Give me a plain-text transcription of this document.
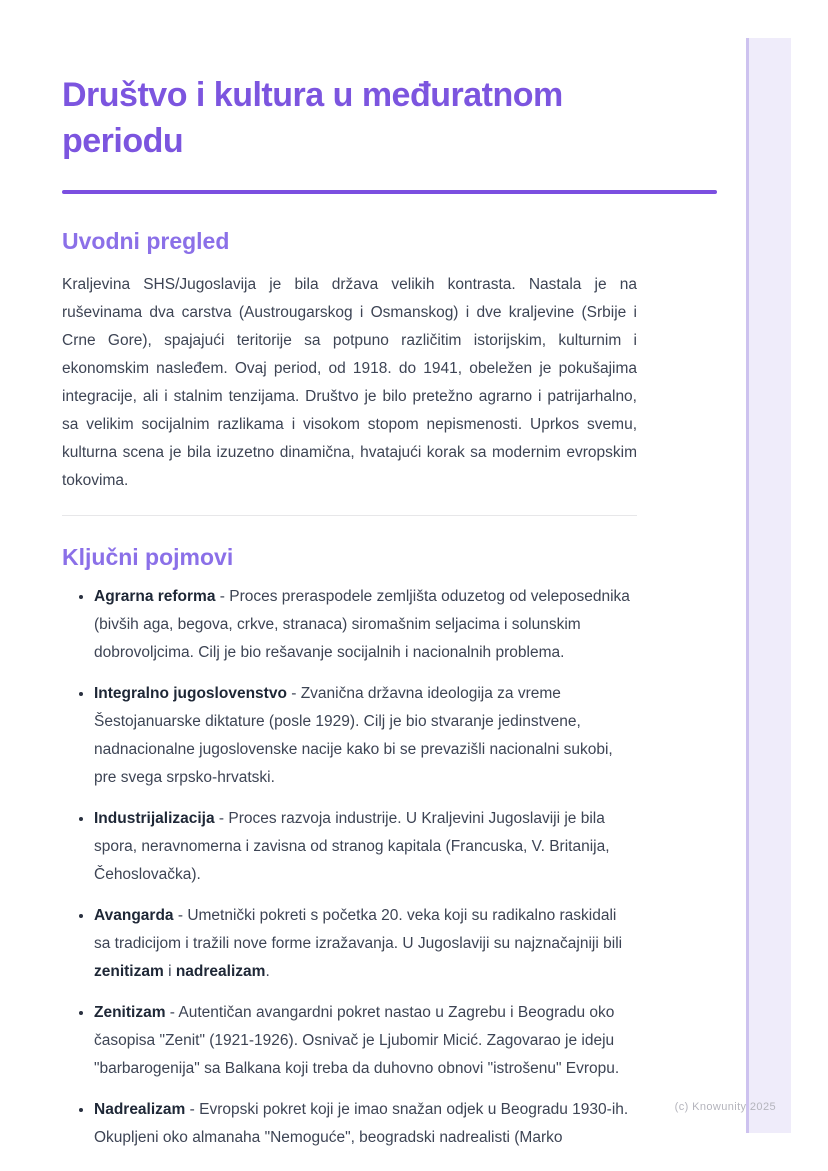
Društvo i kultura u međuratnom periodu
Uvodni pregled

Kraljevina SHS/Jugoslavija je bila država velikih kontrasta. Nastala je na ruševinama dva carstva (Austrougarskog i Osmanskog) i dve kraljevine (Srbije i Crne Gore), spajajući teritorije sa potpuno različitim istorijskim, kulturnim i ekonomskim nasleđem. Ovaj period, od 1918. do 1941, obeležen je pokušajima integracije, ali i stalnim tenzijama. Društvo je bilo pretežno agrarno i patrijarhalno, sa velikim socijalnim razlikama i visokom stopom nepismenosti. Uprkos svemu, kulturna scena je bila izuzetno dinamična, hvatajući korak sa modernim evropskim tokovima.

Ključni pojmovi
• Agrarna reforma - Proces preraspodele zemljišta oduzetog od veleposednika (bivših aga, begova, crkve, stranaca) siromašnim seljacima i solunskim dobrovoljcima. Cilj je bio rešavanje socijalnih i nacionalnih problema.
• Integralno jugoslovenstvo - Zvanična državna ideologija za vreme Šestojanuarske diktature (posle 1929). Cilj je bio stvaranje jedinstvene, nadnacionalne jugoslovenske nacije kako bi se prevazišli nacionalni sukobi, pre svega srpsko-hrvatski.
• Industrijalizacija - Proces razvoja industrije. U Kraljevini Jugoslaviji je bila spora, neravnomerna i zavisna od stranog kapitala (Francuska, V. Britanija, Čehoslovačka).
• Avangarda - Umetnički pokreti s početka 20. veka koji su radikalno raskidali sa tradicijom i tražili nove forme izražavanja. U Jugoslaviji su najznačajniji bili zenitizam i nadrealizam.
• Zenitizam - Autentičan avangardni pokret nastao u Zagrebu i Beogradu oko časopisa "Zenit" (1921-1926). Osnivač je Ljubomir Micić. Zagovarao je ideju "barbarogenija" sa Balkana koji treba da duhovno obnovi "istrošenu" Evropu.
• Nadrealizam - Evropski pokret koji je imao snažan odjek u Beogradu 1930-ih. Okupljeni oko almanaha "Nemoguće", beogradski nadrealisti (Marko
(c) Knowunity 2025
